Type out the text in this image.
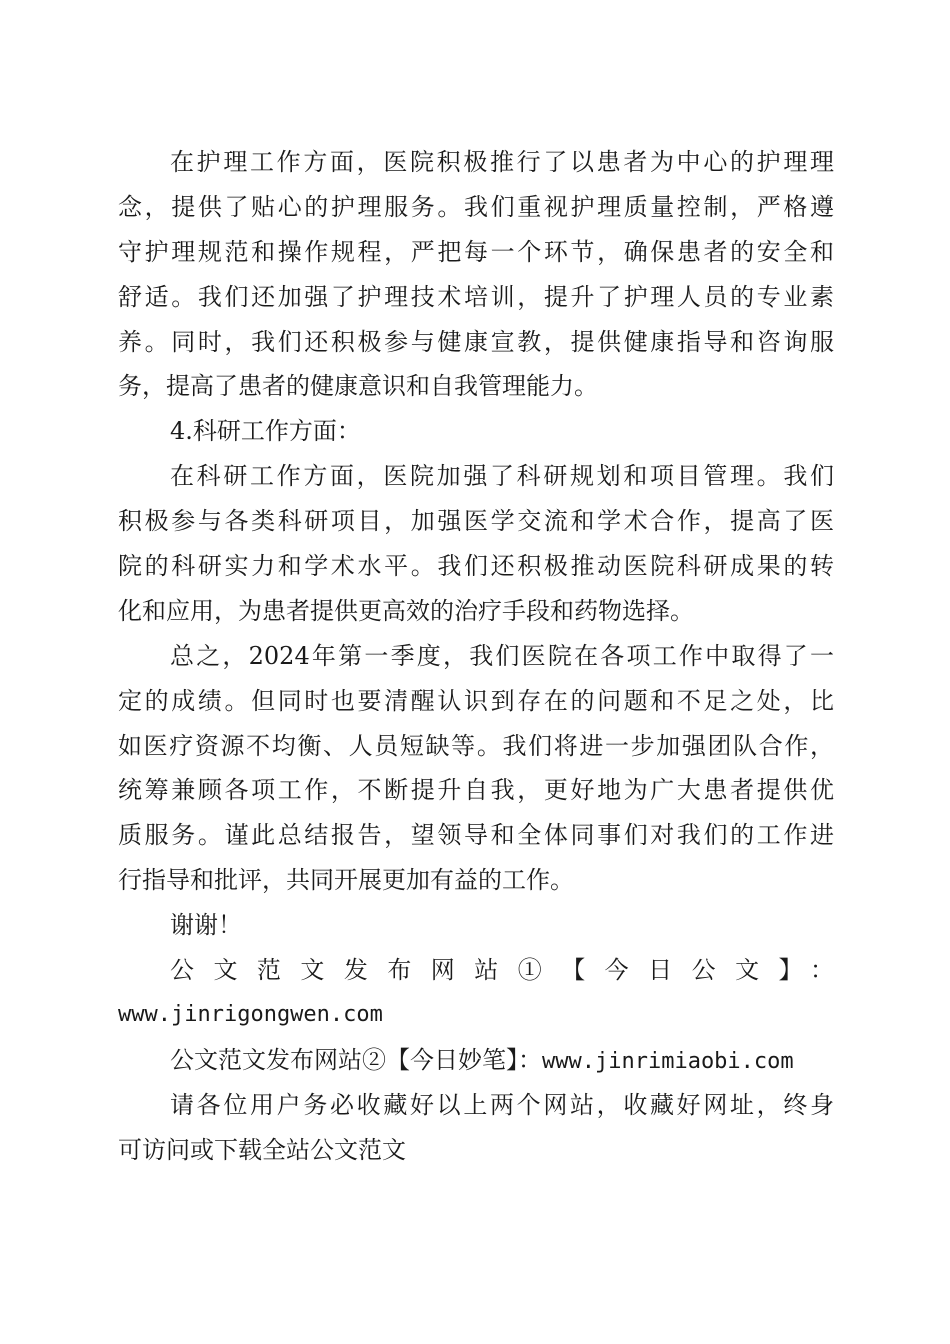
在护理工作方面，医院积极推行了以患者为中心的护理理
念，提供了贴心的护理服务。我们重视护理质量控制，严格遵
守护理规范和操作规程，严把每一个环节，确保患者的安全和
舒适。我们还加强了护理技术培训，提升了护理人员的专业素
养。同时，我们还积极参与健康宣教，提供健康指导和咨询服
务，提高了患者的健康意识和自我管理能力。
4.科研工作方面：
在科研工作方面，医院加强了科研规划和项目管理。我们
积极参与各类科研项目，加强医学交流和学术合作，提高了医
院的科研实力和学术水平。我们还积极推动医院科研成果的转
化和应用，为患者提供更高效的治疗手段和药物选择。
总之，2024年第一季度，我们医院在各项工作中取得了一
定的成绩。但同时也要清醒认识到存在的问题和不足之处，比
如医疗资源不均衡、人员短缺等。我们将进一步加强团队合作，
统筹兼顾各项工作，不断提升自我，更好地为广大患者提供优
质服务。谨此总结报告，望领导和全体同事们对我们的工作进
行指导和批评，共同开展更加有益的工作。
谢谢！
公文范文发布网站①【今日公文】：
www.jinrigongwen.com
公文范文发布网站②【今日妙笔】：www.jinrimiaobi.com
请各位用户务必收藏好以上两个网站，收藏好网址，终身
可访问或下载全站公文范文
